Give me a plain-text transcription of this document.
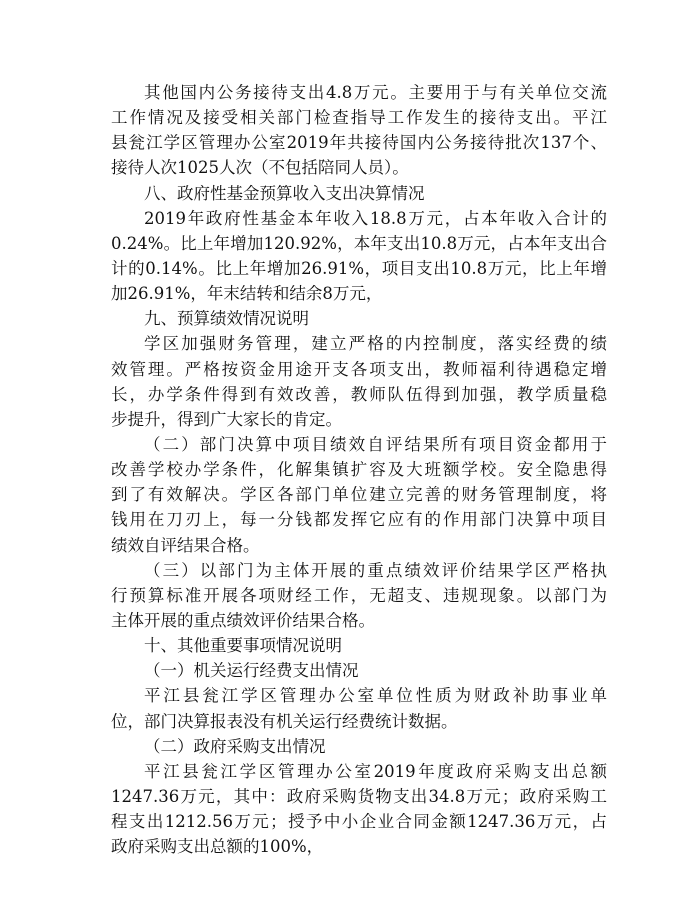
其他国内公务接待支出4.8万元。主要用于与有关单位交流
工作情况及接受相关部门检查指导工作发生的接待支出。平江
县瓮江学区管理办公室2019年共接待国内公务接待批次137个、
接待人次1025人次（不包括陪同人员）。
八、政府性基金预算收入支出决算情况
2019年政府性基金本年收入18.8万元，占本年收入合计的
0.24%。比上年增加120.92%，本年支出10.8万元，占本年支出合
计的0.14%。比上年增加26.91%，项目支出10.8万元，比上年增
加26.91%，年末结转和结余8万元，
九、预算绩效情况说明
学区加强财务管理，建立严格的内控制度，落实经费的绩
效管理。严格按资金用途开支各项支出，教师福利待遇稳定增
长，办学条件得到有效改善，教师队伍得到加强，教学质量稳
步提升，得到广大家长的肯定。
（二）部门决算中项目绩效自评结果所有项目资金都用于
改善学校办学条件，化解集镇扩容及大班额学校。安全隐患得
到了有效解决。学区各部门单位建立完善的财务管理制度，将
钱用在刀刃上，每一分钱都发挥它应有的作用部门决算中项目
绩效自评结果合格。
（三）以部门为主体开展的重点绩效评价结果学区严格执
行预算标准开展各项财经工作，无超支、违规现象。以部门为
主体开展的重点绩效评价结果合格。
十、其他重要事项情况说明
（一）机关运行经费支出情况
平江县瓮江学区管理办公室单位性质为财政补助事业单
位，部门决算报表没有机关运行经费统计数据。
（二）政府采购支出情况
平江县瓮江学区管理办公室2019年度政府采购支出总额
1247.36万元，其中：政府采购货物支出34.8万元；政府采购工
程支出1212.56万元；授予中小企业合同金额1247.36万元，占
政府采购支出总额的100%，
